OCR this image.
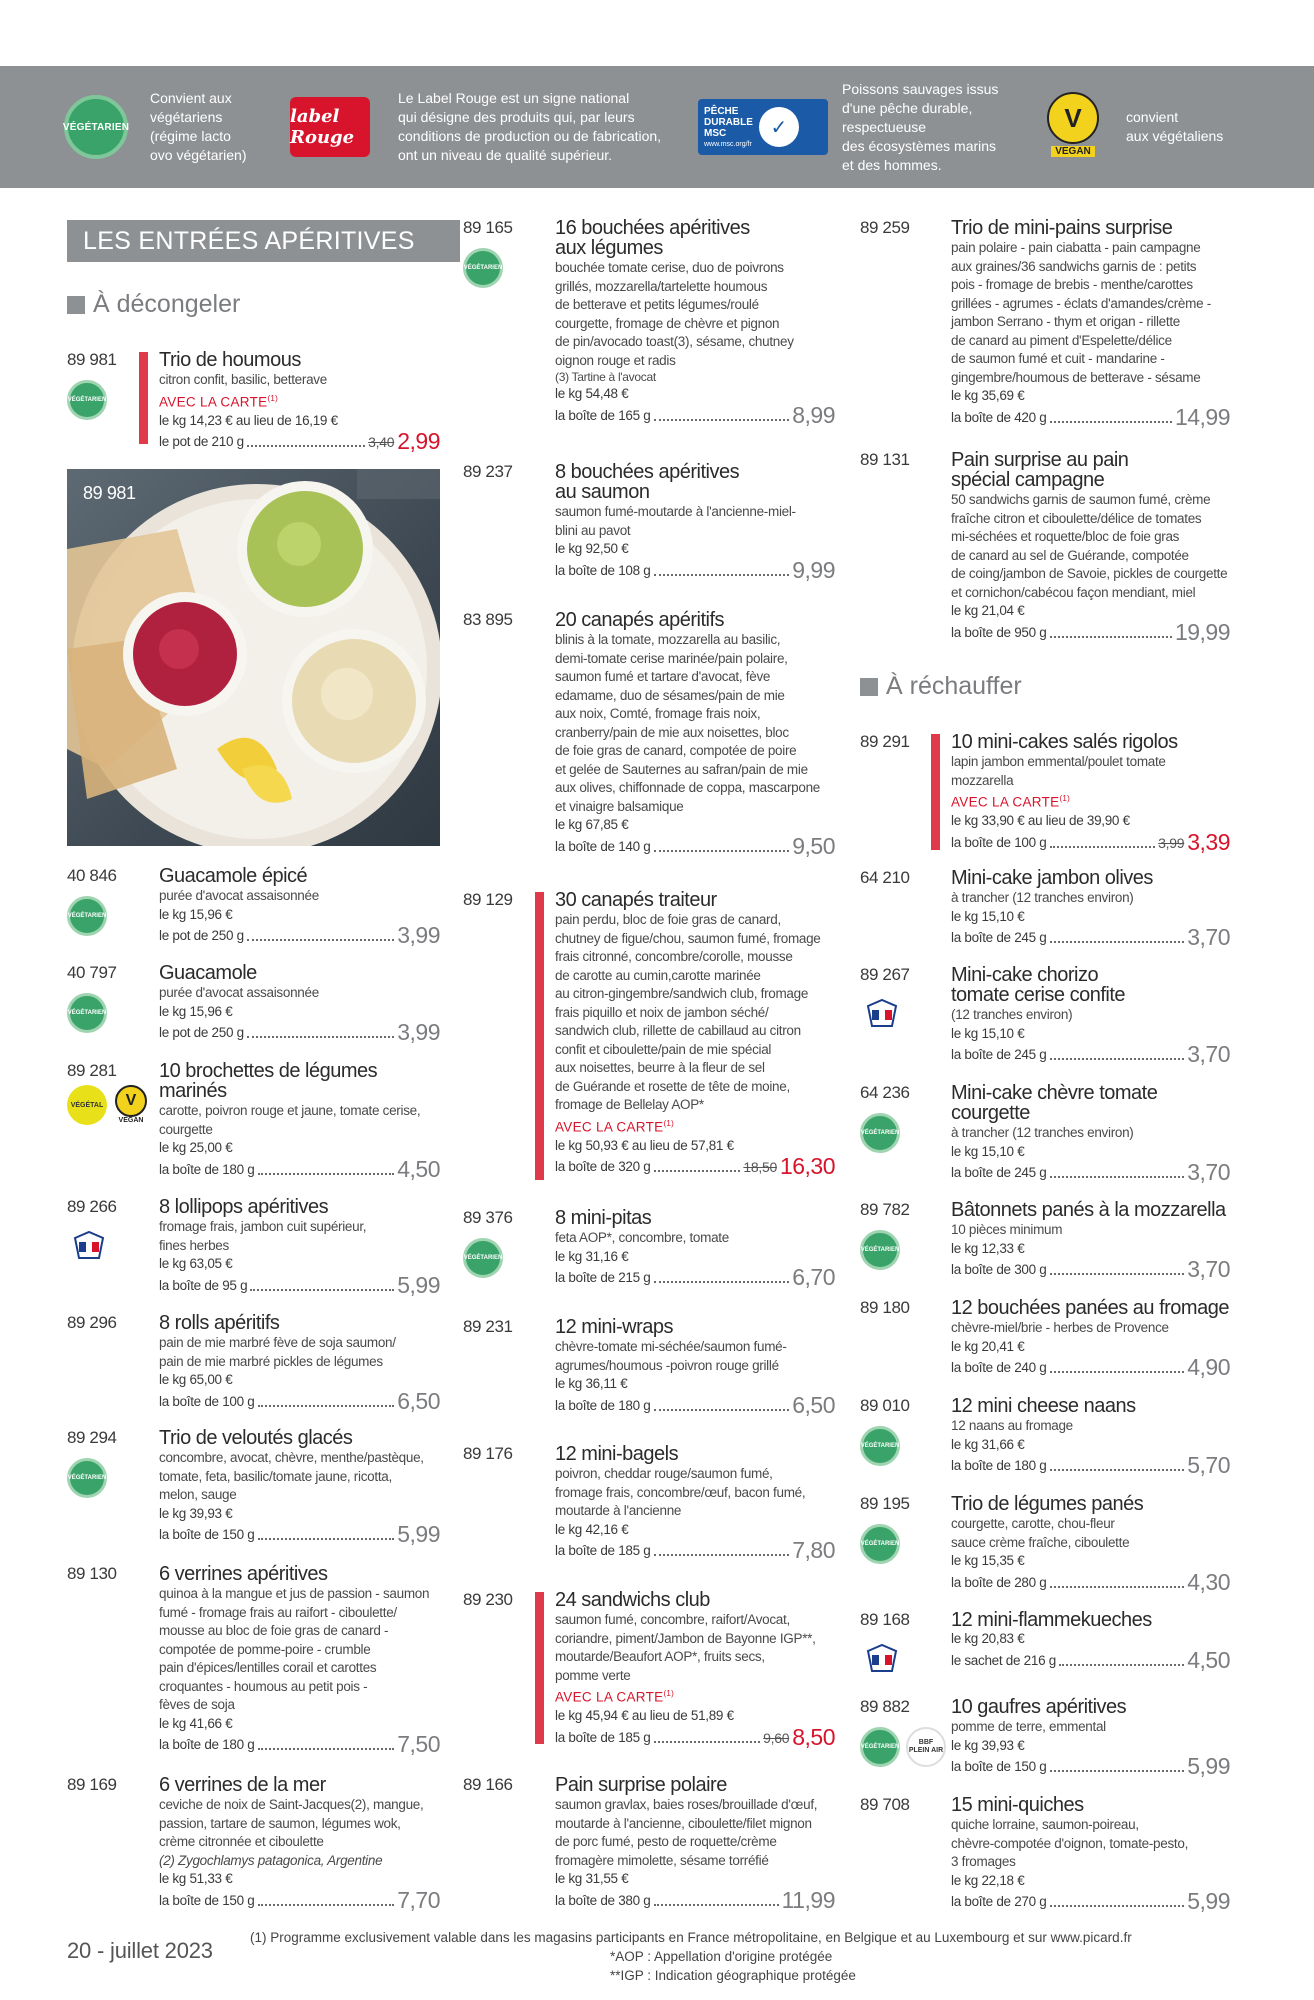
VÉGÉTARIEN
Convient aux
végétariens
(régime lacto
ovo végétarien)
label Rouge
Le Label Rouge est un signe national
qui désigne des produits qui, par leurs
conditions de production ou de fabrication,
ont un niveau de qualité supérieur.
PÊCHE
DURABLE
MSC
www.msc.org/fr
✓
Poissons sauvages issus
d'une pêche durable,
respectueuse
des écosystèmes marins
et des hommes.
V
VEGAN
convient
aux végétaliens
LES ENTRÉES APÉRITIVES
À décongeler
89 981
VÉGÉTARIEN
Trio de houmous
citron confit, basilic, betterave
AVEC LA CARTE$^{(1)}$
le kg 14,23 € au lieu de 16,19 €
le pot de 210 g	3,40 2,99
89 981
40 846
VÉGÉTARIEN
Guacamole épicé
purée d'avocat assaisonnée
le kg 15,96 €
le pot de 250 g	3,99
40 797
VÉGÉTARIEN
Guacamole
purée d'avocat assaisonnée
le kg 15,96 €
le pot de 250 g	3,99
89 281
VÉGÉTAL	V
VEGAN
10 brochettes de légumes
marinés
carotte, poivron rouge et jaune, tomate cerise,
courgette
le kg 25,00 €
la boîte de 180 g	4,50
89 266 8 lollipops apéritives
fromage frais, jambon cuit supérieur,
fines herbes
le kg 63,05 €
la boîte de 95 g	5,99
89 296 8 rolls apéritifs
pain de mie marbré fève de soja saumon/
pain de mie marbré pickles de légumes
le kg 65,00 €
la boîte de 100 g	6,50
89 294
VÉGÉTARIEN
Trio de veloutés glacés
concombre, avocat, chèvre, menthe/pastèque,
tomate, feta, basilic/tomate jaune, ricotta,
melon, sauge
le kg 39,93 €
la boîte de 150 g	5,99
89 130 6 verrines apéritives
quinoa à la mangue et jus de passion - saumon
fumé - fromage frais au raifort - ciboulette/
mousse au bloc de foie gras de canard -
compotée de pomme-poire - crumble
pain d'épices/lentilles corail et carottes
croquantes - houmous au petit pois -
fèves de soja
le kg 41,66 €
la boîte de 180 g	7,50
89 169 6 verrines de la mer
ceviche de noix de Saint-Jacques(2), mangue,
passion, tartare de saumon, légumes wok,
crème citronnée et ciboulette
(2) Zygochlamys patagonica, Argentine
le kg 51,33 €
la boîte de 150 g	7,70
89 165
VÉGÉTARIEN
16 bouchées apéritives
aux légumes
bouchée tomate cerise, duo de poivrons
grillés, mozzarella/tartelette houmous
de betterave et petits légumes/roulé
courgette, fromage de chèvre et pignon
de pin/avocado toast(3), sésame, chutney
oignon rouge et radis
(3) Tartine à l'avocat
le kg 54,48 €
la boîte de 165 g	8,99
89 237 8 bouchées apéritives
au saumon
saumon fumé-moutarde à l'ancienne-miel-
blini au pavot
le kg 92,50 €
la boîte de 108 g	9,99
83 895 20 canapés apéritifs
blinis à la tomate, mozzarella au basilic,
demi-tomate cerise marinée/pain polaire,
saumon fumé et tartare d'avocat, fève
edamame, duo de sésames/pain de mie
aux noix, Comté, fromage frais noix,
cranberry/pain de mie aux noisettes, bloc
de foie gras de canard, compotée de poire
et gelée de Sauternes au safran/pain de mie
aux olives, chiffonnade de coppa, mascarpone
et vinaigre balsamique
le kg 67,85 €
la boîte de 140 g	9,50
89 129 30 canapés traiteur
pain perdu, bloc de foie gras de canard,
chutney de figue/chou, saumon fumé, fromage
frais citronné, concombre/corolle, mousse
de carotte au cumin,carotte marinée
au citron-gingembre/sandwich club, fromage
frais piquillo et noix de jambon séché/
sandwich club, rillette de cabillaud au citron
confit et ciboulette/pain de mie spécial
aux noisettes, beurre à la fleur de sel
de Guérande et rosette de tête de moine,
fromage de Bellelay AOP*
AVEC LA CARTE$^{(1)}$
le kg 50,93 € au lieu de 57,81 €
la boîte de 320 g	18,50 16,30
89 376
VÉGÉTARIEN
8 mini-pitas
feta AOP*, concombre, tomate
le kg 31,16 €
la boîte de 215 g	6,70
89 231 12 mini-wraps
chèvre-tomate mi-séchée/saumon fumé-
agrumes/houmous -poivron rouge grillé
le kg 36,11 €
la boîte de 180 g	6,50
89 176 12 mini-bagels
poivron, cheddar rouge/saumon fumé,
fromage frais, concombre/œuf, bacon fumé,
moutarde à l'ancienne
le kg 42,16 €
la boîte de 185 g	7,80
89 230 24 sandwichs club
saumon fumé, concombre, raifort/Avocat,
coriandre, piment/Jambon de Bayonne IGP**,
moutarde/Beaufort AOP*, fruits secs,
pomme verte
AVEC LA CARTE$^{(1)}$
le kg 45,94 € au lieu de 51,89 €
la boîte de 185 g	9,60 8,50
89 166 Pain surprise polaire
saumon gravlax, baies roses/brouillade d'œuf,
moutarde à l'ancienne, ciboulette/filet mignon
de porc fumé, pesto de roquette/crème
fromagère mimolette, sésame torréfié
le kg 31,55 €
la boîte de 380 g	11,99
89 259 Trio de mini-pains surprise
pain polaire - pain ciabatta - pain campagne
aux graines/36 sandwichs garnis de : petits
pois - fromage de brebis - menthe/carottes
grillées - agrumes - éclats d'amandes/crème -
jambon Serrano - thym et origan - rillette
de canard au piment d'Espelette/délice
de saumon fumé et cuit - mandarine -
gingembre/houmous de betterave - sésame
le kg 35,69 €
la boîte de 420 g	14,99
89 131 Pain surprise au pain
spécial campagne
50 sandwichs garnis de saumon fumé, crème
fraîche citron et ciboulette/délice de tomates
mi-séchées et roquette/bloc de foie gras
de canard au sel de Guérande, compotée
de coing/jambon de Savoie, pickles de courgette
et cornichon/cabécou façon mendiant, miel
le kg 21,04 €
la boîte de 950 g	19,99
À réchauffer
89 291 10 mini-cakes salés rigolos
lapin jambon emmental/poulet tomate
mozzarella
AVEC LA CARTE$^{(1)}$
le kg 33,90 € au lieu de 39,90 €
la boîte de 100 g	3,99 3,39
64 210 Mini-cake jambon olives
à trancher (12 tranches environ)
le kg 15,10 €
la boîte de 245 g	3,70
89 267 Mini-cake chorizo
tomate cerise confite
(12 tranches environ)
le kg 15,10 €
la boîte de 245 g	3,70
64 236
VÉGÉTARIEN
Mini-cake chèvre tomate
courgette
à trancher (12 tranches environ)
le kg 15,10 €
la boîte de 245 g	3,70
89 782
VÉGÉTARIEN
Bâtonnets panés à la mozzarella
10 pièces minimum
le kg 12,33 €
la boîte de 300 g	3,70
89 180 12 bouchées panées au fromage
chèvre-miel/brie - herbes de Provence
le kg 20,41 €
la boîte de 240 g	4,90
89 010
VÉGÉTARIEN
12 mini cheese naans
12 naans au fromage
le kg 31,66 €
la boîte de 180 g	5,70
89 195
VÉGÉTARIEN
Trio de légumes panés
courgette, carotte, chou-fleur
sauce crème fraîche, ciboulette
le kg 15,35 €
la boîte de 280 g	4,30
89 168 12 mini-flammekueches
le kg 20,83 €
le sachet de 216 g	4,50
89 882
VÉGÉTARIEN
BBF PLEIN AIR
10 gaufres apéritives
pomme de terre, emmental
le kg 39,93 €
la boîte de 150 g	5,99
89 708 15 mini-quiches
quiche lorraine, saumon-poireau,
chèvre-compotée d'oignon, tomate-pesto,
3 fromages
le kg 22,18 €
la boîte de 270 g	5,99
20 - juillet 2023
(1) Programme exclusivement valable dans les magasins participants en France métropolitaine, en Belgique et au Luxembourg et sur www.picard.fr
*AOP : Appellation d'origine protégée
**IGP : Indication géographique protégée
